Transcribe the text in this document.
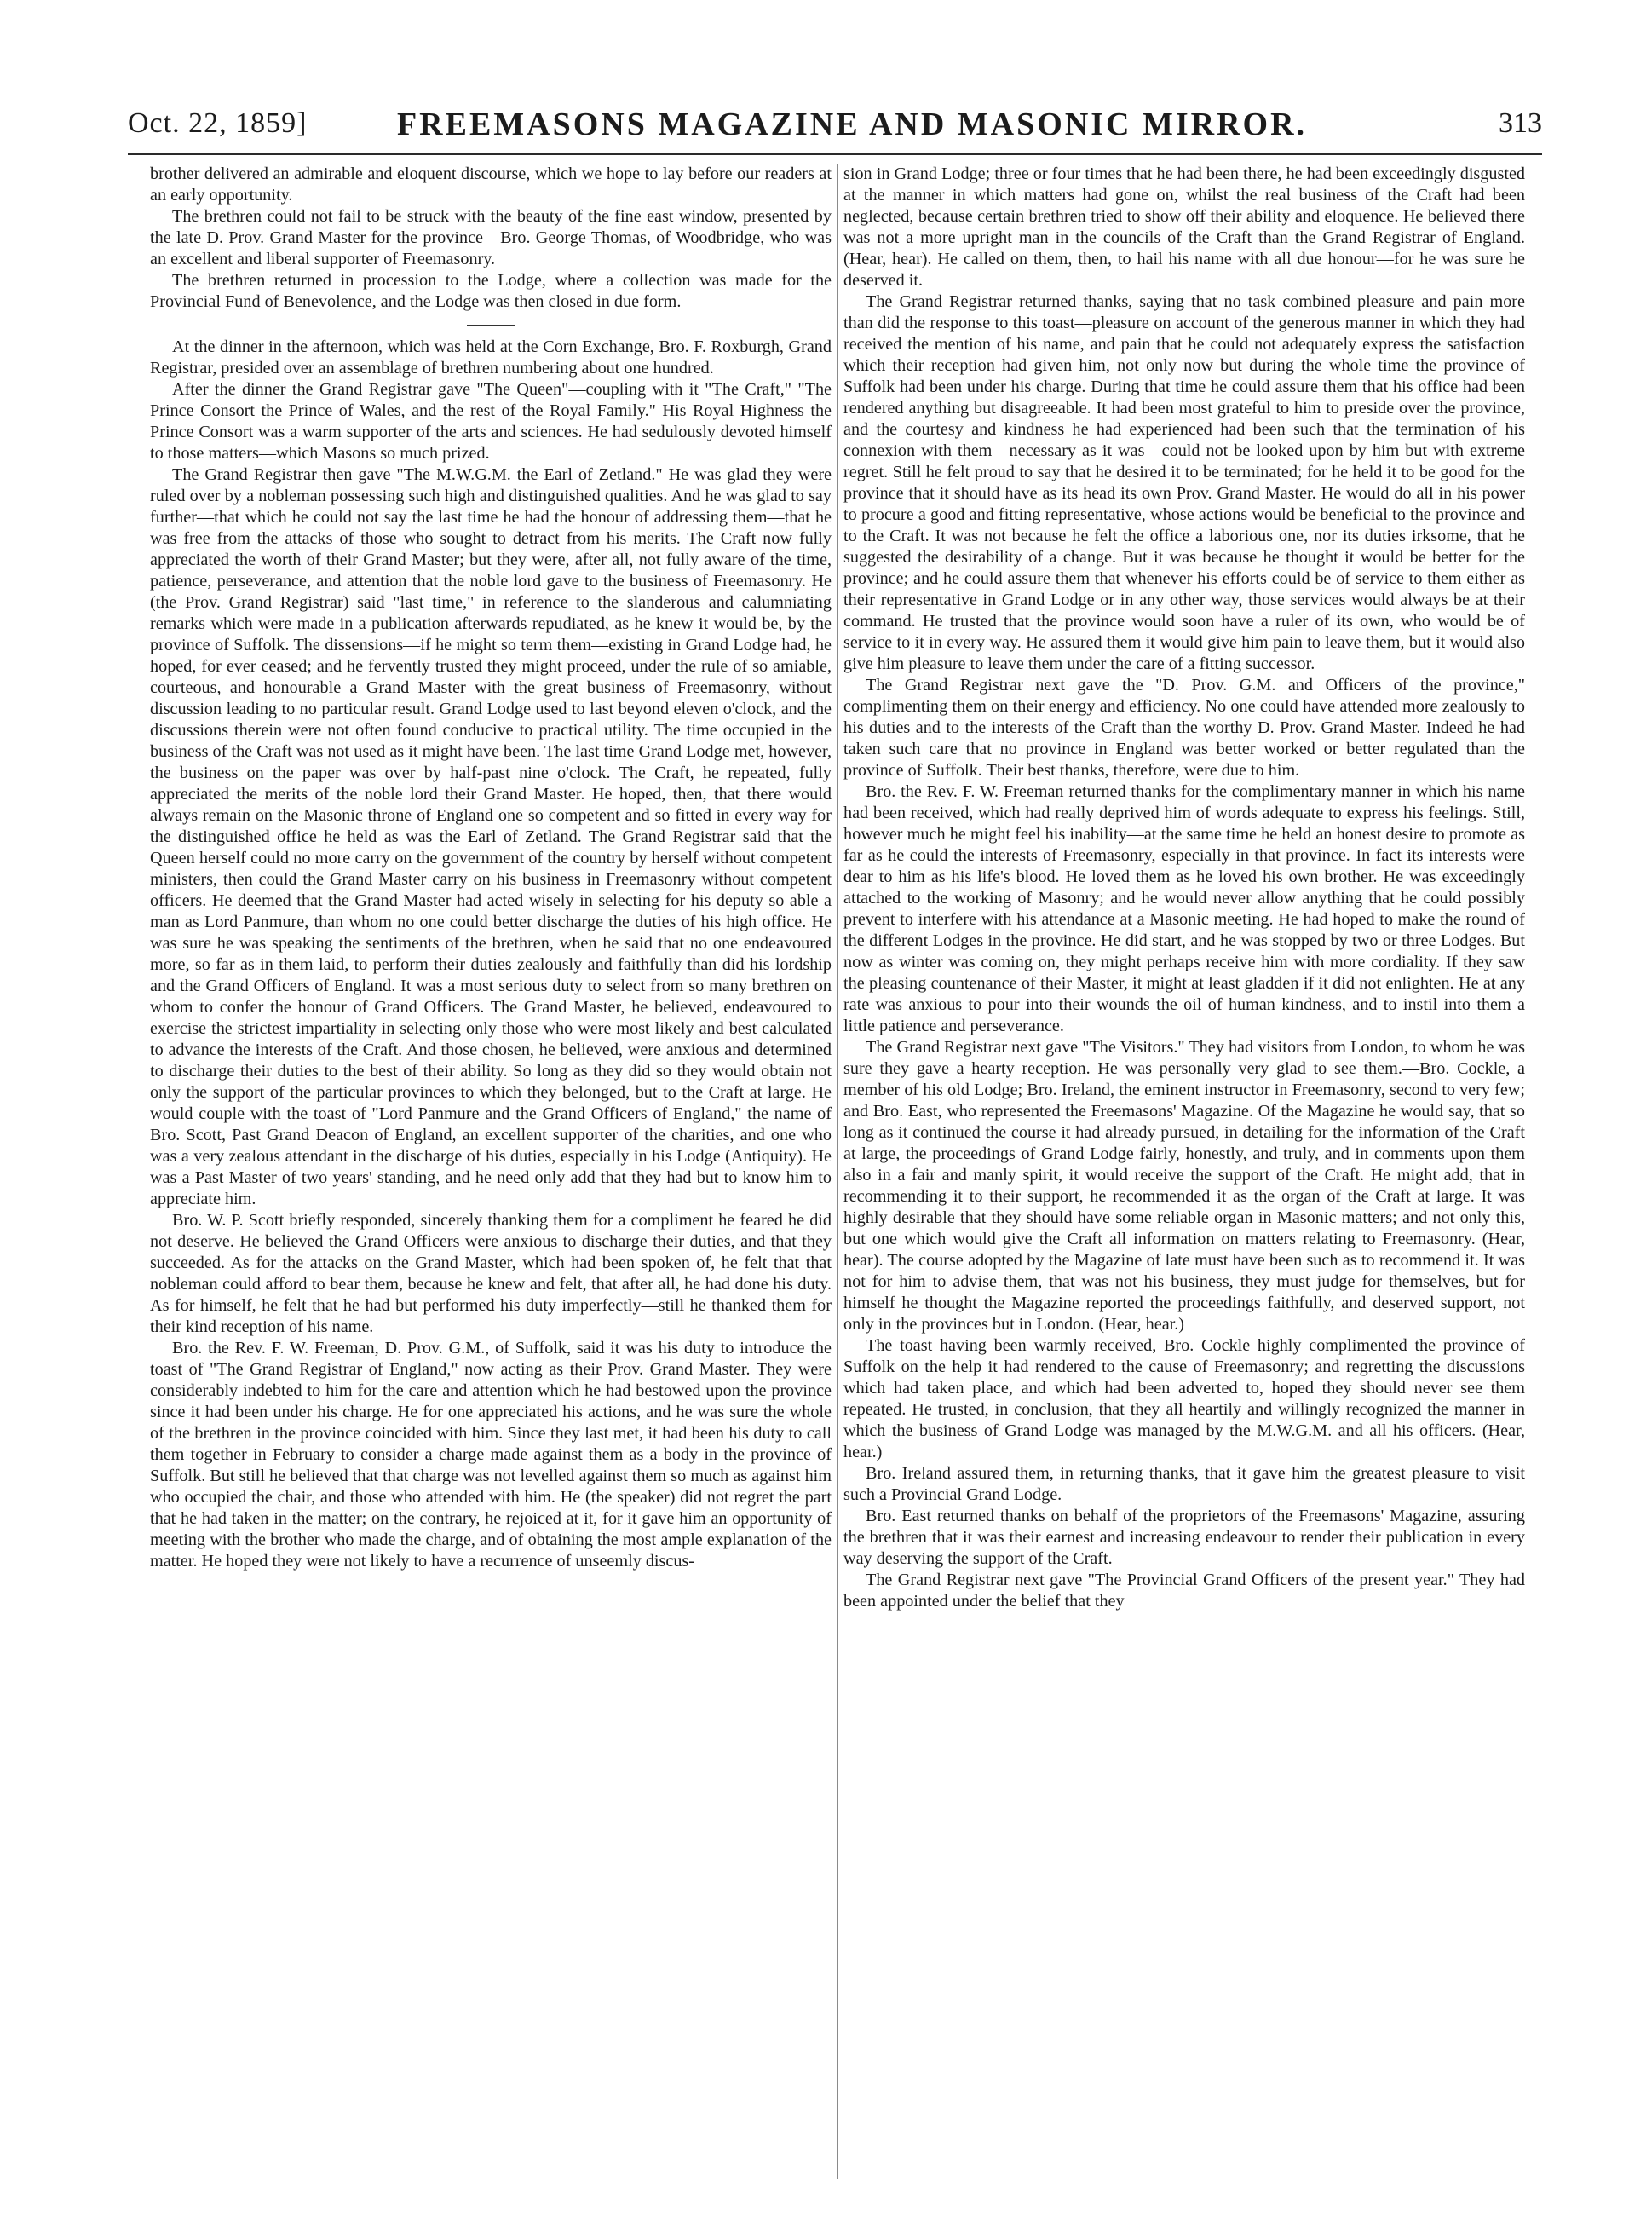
Oct. 22, 1859]	FREEMASONS MAGAZINE AND MASONIC MIRROR.	313

brother delivered an admirable and eloquent discourse, which we hope to lay before our readers at an early opportunity.

The brethren could not fail to be struck with the beauty of the fine east window, presented by the late D. Prov. Grand Master for the province—Bro. George Thomas, of Woodbridge, who was an excellent and liberal supporter of Freemasonry.

The brethren returned in procession to the Lodge, where a collection was made for the Provincial Fund of Benevolence, and the Lodge was then closed in due form.

At the dinner in the afternoon, which was held at the Corn Exchange, Bro. F. Roxburgh, Grand Registrar, presided over an assemblage of brethren numbering about one hundred.

After the dinner the Grand Registrar gave "The Queen"—coupling with it "The Craft," "The Prince Consort the Prince of Wales, and the rest of the Royal Family." His Royal Highness the Prince Consort was a warm supporter of the arts and sciences. He had sedulously devoted himself to those matters—which Masons so much prized.

The Grand Registrar then gave "The M.W.G.M. the Earl of Zetland." He was glad they were ruled over by a nobleman possessing such high and distinguished qualities. And he was glad to say further—that which he could not say the last time he had the honour of addressing them—that he was free from the attacks of those who sought to detract from his merits. The Craft now fully appreciated the worth of their Grand Master; but they were, after all, not fully aware of the time, patience, perseverance, and attention that the noble lord gave to the business of Freemasonry. He (the Prov. Grand Registrar) said "last time," in reference to the slanderous and calumniating remarks which were made in a publication afterwards repudiated, as he knew it would be, by the province of Suffolk. The dissensions—if he might so term them—existing in Grand Lodge had, he hoped, for ever ceased; and he fervently trusted they might proceed, under the rule of so amiable, courteous, and honourable a Grand Master with the great business of Freemasonry, without discussion leading to no particular result. Grand Lodge used to last beyond eleven o'clock, and the discussions therein were not often found conducive to practical utility. The time occupied in the business of the Craft was not used as it might have been. The last time Grand Lodge met, however, the business on the paper was over by half-past nine o'clock. The Craft, he repeated, fully appreciated the merits of the noble lord their Grand Master. He hoped, then, that there would always remain on the Masonic throne of England one so competent and so fitted in every way for the distinguished office he held as was the Earl of Zetland. The Grand Registrar said that the Queen herself could no more carry on the government of the country by herself without competent ministers, then could the Grand Master carry on his business in Freemasonry without competent officers. He deemed that the Grand Master had acted wisely in selecting for his deputy so able a man as Lord Panmure, than whom no one could better discharge the duties of his high office. He was sure he was speaking the sentiments of the brethren, when he said that no one endeavoured more, so far as in them laid, to perform their duties zealously and faithfully than did his lordship and the Grand Officers of England. It was a most serious duty to select from so many brethren on whom to confer the honour of Grand Officers. The Grand Master, he believed, endeavoured to exercise the strictest impartiality in selecting only those who were most likely and best calculated to advance the interests of the Craft. And those chosen, he believed, were anxious and determined to discharge their duties to the best of their ability. So long as they did so they would obtain not only the support of the particular provinces to which they belonged, but to the Craft at large. He would couple with the toast of "Lord Panmure and the Grand Officers of England," the name of Bro. Scott, Past Grand Deacon of England, an excellent supporter of the charities, and one who was a very zealous attendant in the discharge of his duties, especially in his Lodge (Antiquity). He was a Past Master of two years' standing, and he need only add that they had but to know him to appreciate him.

Bro. W. P. Scott briefly responded, sincerely thanking them for a compliment he feared he did not deserve. He believed the Grand Officers were anxious to discharge their duties, and that they succeeded. As for the attacks on the Grand Master, which had been spoken of, he felt that that nobleman could afford to bear them, because he knew and felt, that after all, he had done his duty. As for himself, he felt that he had but performed his duty imperfectly—still he thanked them for their kind reception of his name.

Bro. the Rev. F. W. Freeman, D. Prov. G.M., of Suffolk, said it was his duty to introduce the toast of "The Grand Registrar of England," now acting as their Prov. Grand Master. They were considerably indebted to him for the care and attention which he had bestowed upon the province since it had been under his charge. He for one appreciated his actions, and he was sure the whole of the brethren in the province coincided with him. Since they last met, it had been his duty to call them together in February to consider a charge made against them as a body in the province of Suffolk. But still he believed that that charge was not levelled against them so much as against him who occupied the chair, and those who attended with him. He (the speaker) did not regret the part that he had taken in the matter; on the contrary, he rejoiced at it, for it gave him an opportunity of meeting with the brother who made the charge, and of obtaining the most ample explanation of the matter. He hoped they were not likely to have a recurrence of unseemly discus-

sion in Grand Lodge; three or four times that he had been there, he had been exceedingly disgusted at the manner in which matters had gone on, whilst the real business of the Craft had been neglected, because certain brethren tried to show off their ability and eloquence. He believed there was not a more upright man in the councils of the Craft than the Grand Registrar of England. (Hear, hear). He called on them, then, to hail his name with all due honour—for he was sure he deserved it.

The Grand Registrar returned thanks, saying that no task combined pleasure and pain more than did the response to this toast—pleasure on account of the generous manner in which they had received the mention of his name, and pain that he could not adequately express the satisfaction which their reception had given him, not only now but during the whole time the province of Suffolk had been under his charge. During that time he could assure them that his office had been rendered anything but disagreeable. It had been most grateful to him to preside over the province, and the courtesy and kindness he had experienced had been such that the termination of his connexion with them—necessary as it was—could not be looked upon by him but with extreme regret. Still he felt proud to say that he desired it to be terminated; for he held it to be good for the province that it should have as its head its own Prov. Grand Master. He would do all in his power to procure a good and fitting representative, whose actions would be beneficial to the province and to the Craft. It was not because he felt the office a laborious one, nor its duties irksome, that he suggested the desirability of a change. But it was because he thought it would be better for the province; and he could assure them that whenever his efforts could be of service to them either as their representative in Grand Lodge or in any other way, those services would always be at their command. He trusted that the province would soon have a ruler of its own, who would be of service to it in every way. He assured them it would give him pain to leave them, but it would also give him pleasure to leave them under the care of a fitting successor.

The Grand Registrar next gave the "D. Prov. G.M. and Officers of the province," complimenting them on their energy and efficiency. No one could have attended more zealously to his duties and to the interests of the Craft than the worthy D. Prov. Grand Master. Indeed he had taken such care that no province in England was better worked or better regulated than the province of Suffolk. Their best thanks, therefore, were due to him.

Bro. the Rev. F. W. Freeman returned thanks for the complimentary manner in which his name had been received, which had really deprived him of words adequate to express his feelings. Still, however much he might feel his inability—at the same time he held an honest desire to promote as far as he could the interests of Freemasonry, especially in that province. In fact its interests were dear to him as his life's blood. He loved them as he loved his own brother. He was exceedingly attached to the working of Masonry; and he would never allow anything that he could possibly prevent to interfere with his attendance at a Masonic meeting. He had hoped to make the round of the different Lodges in the province. He did start, and he was stopped by two or three Lodges. But now as winter was coming on, they might perhaps receive him with more cordiality. If they saw the pleasing countenance of their Master, it might at least gladden if it did not enlighten. He at any rate was anxious to pour into their wounds the oil of human kindness, and to instil into them a little patience and perseverance.

The Grand Registrar next gave "The Visitors." They had visitors from London, to whom he was sure they gave a hearty reception. He was personally very glad to see them.—Bro. Cockle, a member of his old Lodge; Bro. Ireland, the eminent instructor in Freemasonry, second to very few; and Bro. East, who represented the Freemasons' Magazine. Of the Magazine he would say, that so long as it continued the course it had already pursued, in detailing for the information of the Craft at large, the proceedings of Grand Lodge fairly, honestly, and truly, and in comments upon them also in a fair and manly spirit, it would receive the support of the Craft. He might add, that in recommending it to their support, he recommended it as the organ of the Craft at large. It was highly desirable that they should have some reliable organ in Masonic matters; and not only this, but one which would give the Craft all information on matters relating to Freemasonry. (Hear, hear). The course adopted by the Magazine of late must have been such as to recommend it. It was not for him to advise them, that was not his business, they must judge for themselves, but for himself he thought the Magazine reported the proceedings faithfully, and deserved support, not only in the provinces but in London. (Hear, hear.)

The toast having been warmly received, Bro. Cockle highly complimented the province of Suffolk on the help it had rendered to the cause of Freemasonry; and regretting the discussions which had taken place, and which had been adverted to, hoped they should never see them repeated. He trusted, in conclusion, that they all heartily and willingly recognized the manner in which the business of Grand Lodge was managed by the M.W.G.M. and all his officers. (Hear, hear.)

Bro. Ireland assured them, in returning thanks, that it gave him the greatest pleasure to visit such a Provincial Grand Lodge.

Bro. East returned thanks on behalf of the proprietors of the Freemasons' Magazine, assuring the brethren that it was their earnest and increasing endeavour to render their publication in every way deserving the support of the Craft.

The Grand Registrar next gave "The Provincial Grand Officers of the present year." They had been appointed under the belief that they
